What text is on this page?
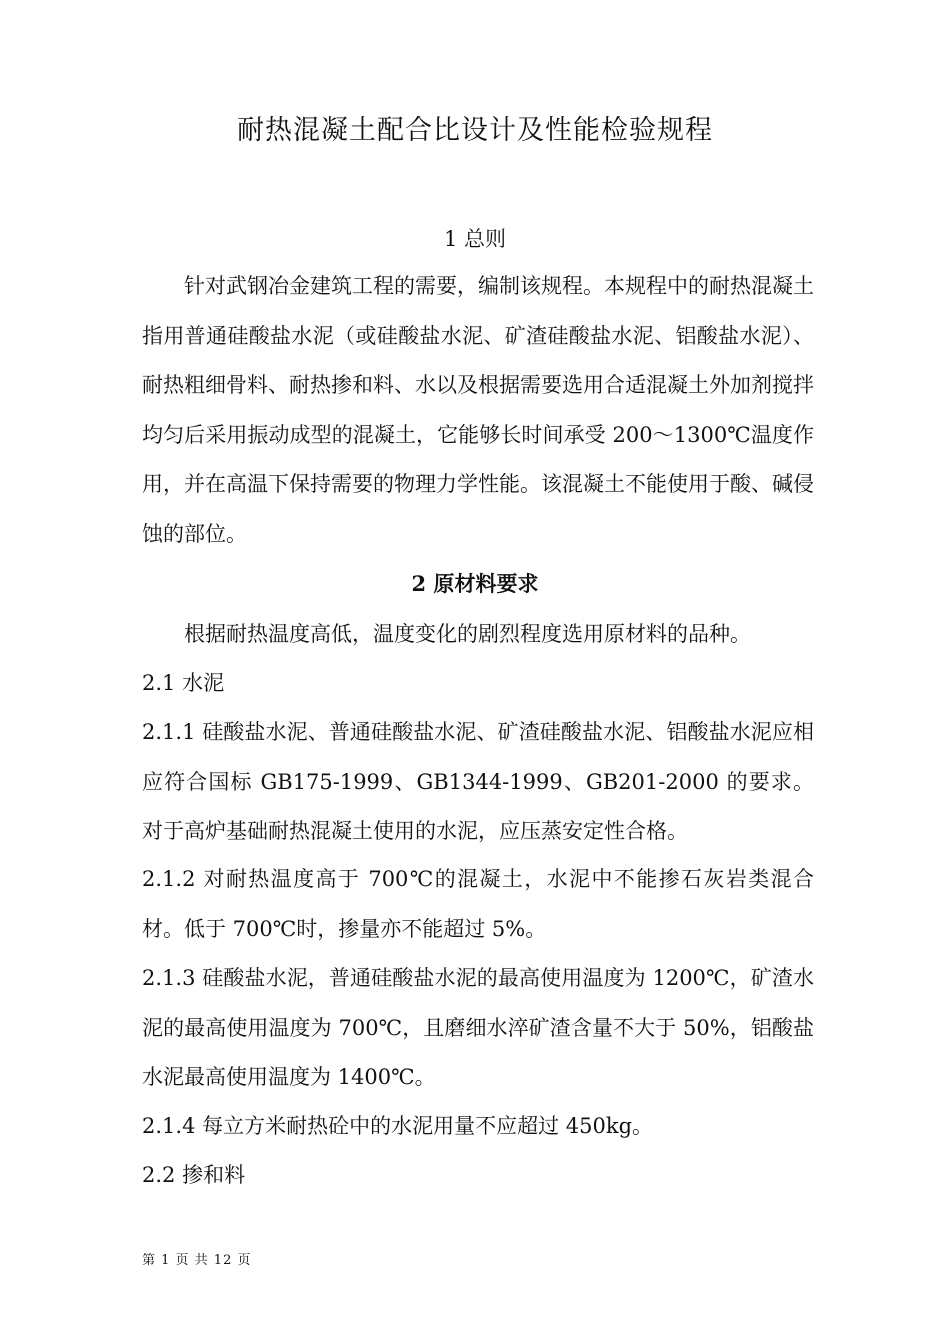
耐热混凝土配合比设计及性能检验规程
1 总则

针对武钢冶金建筑工程的需要，编制该规程。本规程中的耐热混凝土指用普通硅酸盐水泥（或硅酸盐水泥、矿渣硅酸盐水泥、铝酸盐水泥）、耐热粗细骨料、耐热掺和料、水以及根据需要选用合适混凝土外加剂搅拌均匀后采用振动成型的混凝土，它能够长时间承受 200～1300℃温度作用，并在高温下保持需要的物理力学性能。该混凝土不能使用于酸、碱侵蚀的部位。

2 原材料要求

根据耐热温度高低，温度变化的剧烈程度选用原材料的品种。

2.1 水泥

2.1.1 硅酸盐水泥、普通硅酸盐水泥、矿渣硅酸盐水泥、铝酸盐水泥应相应符合国标 GB175-1999、GB1344-1999、GB201-2000 的要求。对于高炉基础耐热混凝土使用的水泥，应压蒸安定性合格。

2.1.2 对耐热温度高于 700℃的混凝土，水泥中不能掺石灰岩类混合材。低于 700℃时，掺量亦不能超过 5%。

2.1.3 硅酸盐水泥，普通硅酸盐水泥的最高使用温度为 1200℃，矿渣水泥的最高使用温度为 700℃，且磨细水淬矿渣含量不大于 50%，铝酸盐水泥最高使用温度为 1400℃。

2.1.4 每立方米耐热砼中的水泥用量不应超过 450kg。

2.2 掺和料

第 1 页 共 12 页
